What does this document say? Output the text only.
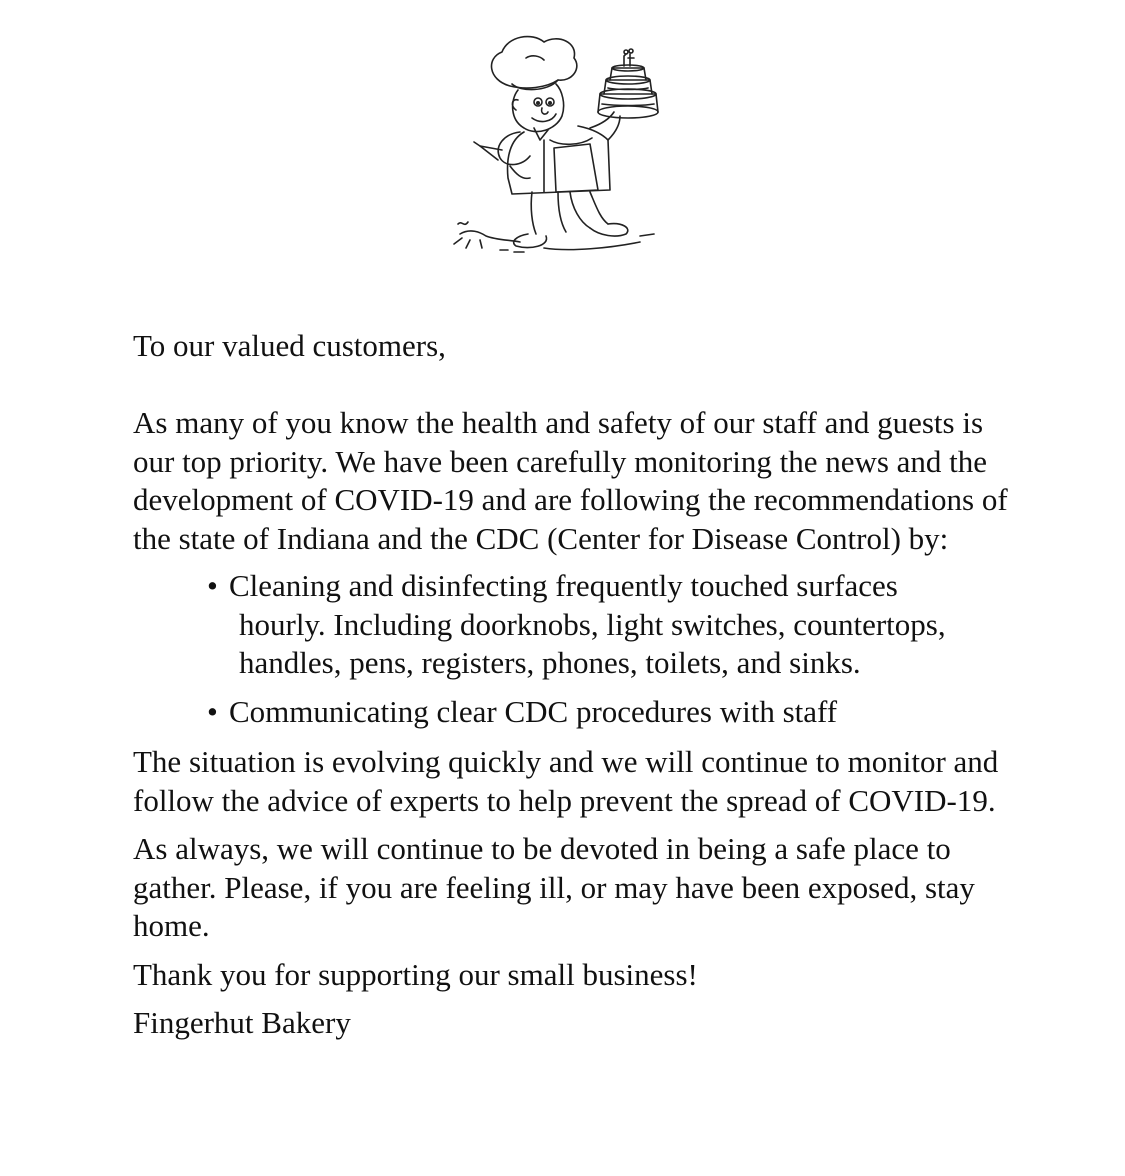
To our valued customers,

As many of you know the health and safety of our staff and guests is our top priority. We have been carefully monitoring the news and the development of COVID-19 and are following the recommendations of the state of Indiana and the CDC (Center for Disease Control) by:

• Cleaning and disinfecting frequently touched surfaces
hourly. Including doorknobs, light switches, countertops, handles, pens, registers, phones, toilets, and sinks.
• Communicating clear CDC procedures with staff

The situation is evolving quickly and we will continue to monitor and follow the advice of experts to help prevent the spread of COVID-19.

As always, we will continue to be devoted in being a safe place to gather. Please, if you are feeling ill, or may have been exposed, stay home.

Thank you for supporting our small business!

Fingerhut Bakery
